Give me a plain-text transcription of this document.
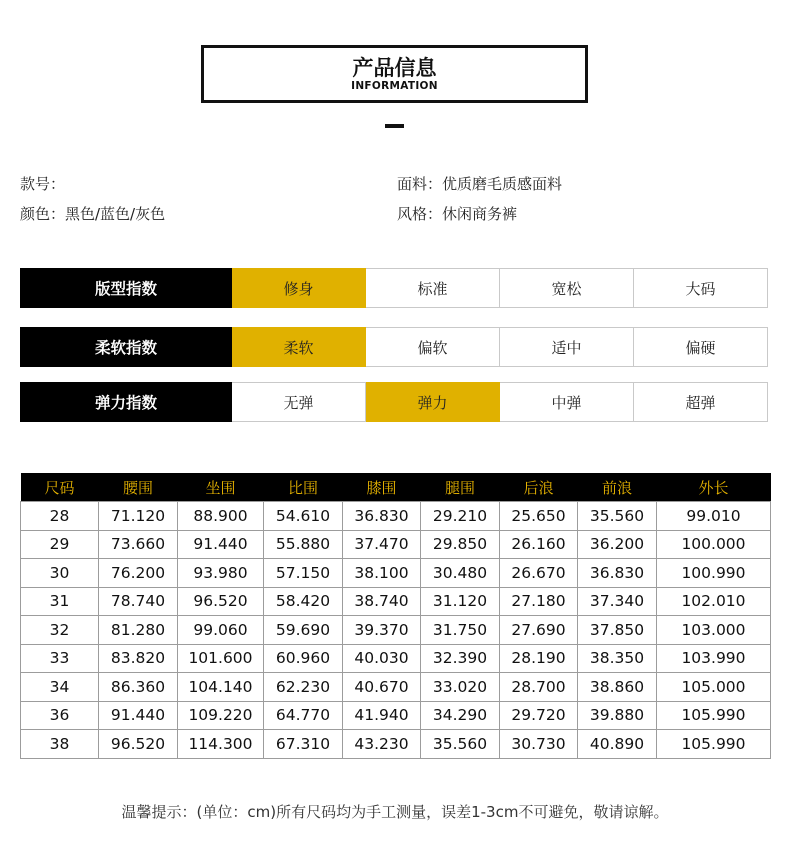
产品信息
INFORMATION
款号：
颜色：黑色/蓝色/灰色
面料：优质磨毛质感面料
风格：休闲商务裤
版型指数	修身	标准	宽松	大码
柔软指数	柔软	偏软	适中	偏硬
弹力指数	无弹	弹力	中弹	超弹
尺码	腰围	坐围	比围	膝围	腿围	后浪	前浪	外长
28	71.120	88.900	54.610	36.830	29.210	25.650	35.560	99.010
29	73.660	91.440	55.880	37.470	29.850	26.160	36.200	100.000
30	76.200	93.980	57.150	38.100	30.480	26.670	36.830	100.990
31	78.740	96.520	58.420	38.740	31.120	27.180	37.340	102.010
32	81.280	99.060	59.690	39.370	31.750	27.690	37.850	103.000
33	83.820	101.600	60.960	40.030	32.390	28.190	38.350	103.990
34	86.360	104.140	62.230	40.670	33.020	28.700	38.860	105.000
36	91.440	109.220	64.770	41.940	34.290	29.720	39.880	105.990
38	96.520	114.300	67.310	43.230	35.560	30.730	40.890	105.990
温馨提示：(单位：cm)所有尺码均为手工测量，误差1-3cm不可避免，敬请谅解。
